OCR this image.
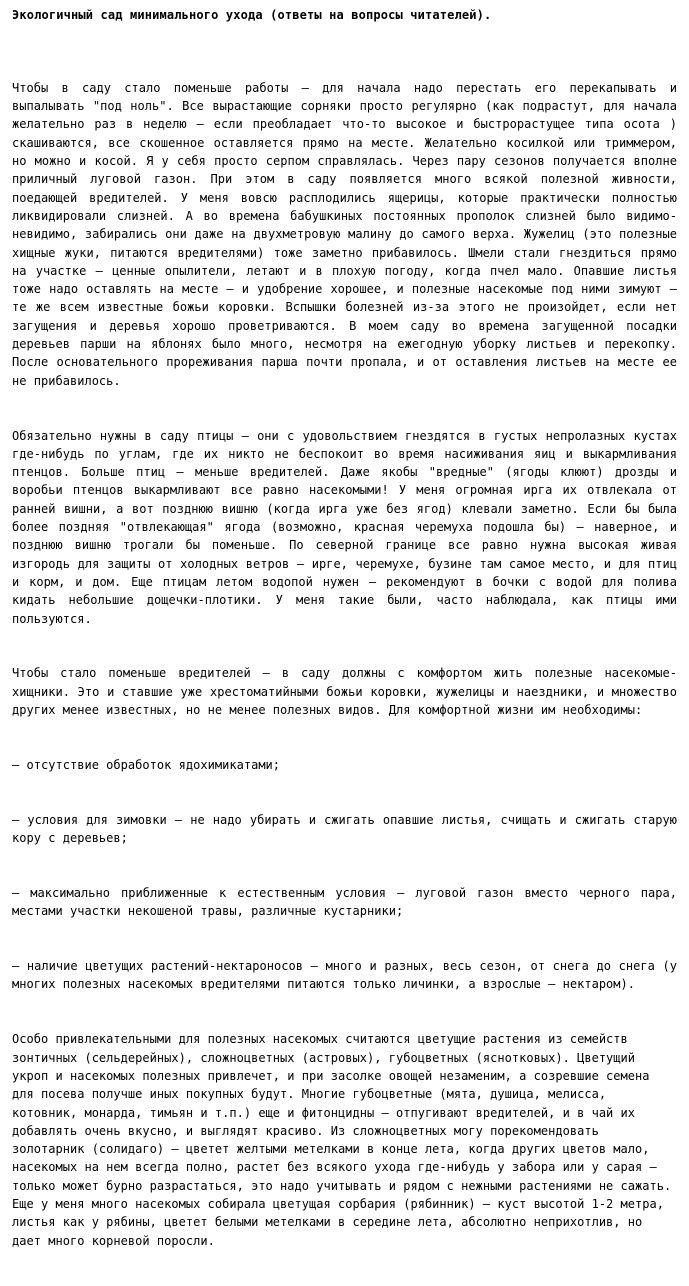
Экологичный сад минимального ухода (ответы на вопросы читателей).

Чтобы в саду стало поменьше работы – для начала надо перестать его перекапывать и выпалывать "под ноль". Все вырастающие сорняки просто регулярно (как подрастут, для начала желательно раз в неделю – если преобладает что-то высокое и быстрорастущее типа осота ) скашиваются, все скошенное оставляется прямо на месте. Желательно косилкой или триммером, но можно и косой. Я у себя просто серпом справлялась. Через пару сезонов получается вполне приличный луговой газон. При этом в саду появляется много всякой полезной живности, поедающей вредителей. У меня вовсю расплодились ящерицы, которые практически полностью ликвидировали слизней. А во времена бабушкиных постоянных прополок слизней было видимо-невидимо, забирались они даже на двухметровую малину до самого верха. Жужелиц (это полезные хищные жуки, питаются вредителями) тоже заметно прибавилось. Шмели стали гнездиться прямо на участке – ценные опылители, летают и в плохую погоду, когда пчел мало. Опавшие листья тоже надо оставлять на месте – и удобрение хорошее, и полезные насекомые под ними зимуют – те же всем известные божьи коровки. Вспышки болезней из-за этого не произойдет, если нет загущения и деревья хорошо проветриваются. В моем саду во времена загущенной посадки деревьев парши на яблонях было много, несмотря на ежегодную уборку листьев и перекопку. После основательного прореживания парша почти пропала, и от оставления листьев на месте ее не прибавилось.

Обязательно нужны в саду птицы – они с удовольствием гнездятся в густых непролазных кустах где-нибудь по углам, где их никто не беспокоит во время насиживания яиц и выкармливания птенцов. Больше птиц – меньше вредителей. Даже якобы "вредные" (ягоды клюют) дрозды и воробьи птенцов выкармливают все равно насекомыми! У меня огромная ирга их отвлекала от ранней вишни, а вот позднюю вишню (когда ирга уже без ягод) клевали заметно. Если бы была более поздняя "отвлекающая" ягода (возможно, красная черемуха подошла бы) – наверное, и позднюю вишню трогали бы поменьше. По северной границе все равно нужна высокая живая изгородь для защиты от холодных ветров – ирге, черемухе, бузине там самое место, и для птиц и корм, и дом. Еще птицам летом водопой нужен – рекомендуют в бочки с водой для полива кидать небольшие дощечки-плотики. У меня такие были, часто наблюдала, как птицы ими пользуются.

Чтобы стало поменьше вредителей – в саду должны с комфортом жить полезные насекомые-хищники. Это и ставшие уже хрестоматийными божьи коровки, жужелицы и наездники, и множество других менее известных, но не менее полезных видов. Для комфортной жизни им необходимы:

– отсутствие обработок ядохимикатами;

– условия для зимовки – не надо убирать и сжигать опавшие листья, счищать и сжигать старую кору с деревьев;

– максимально приближенные к естественным условия – луговой газон вместо черного пара, местами участки некошеной травы, различные кустарники;

– наличие цветущих растений-нектароносов – много и разных, весь сезон, от снега до снега (у многих полезных насекомых вредителями питаются только личинки, а взрослые – нектаром).

Особо привлекательными для полезных насекомых считаются цветущие растения из семейств зонтичных (сельдерейных), сложноцветных (астровых), губоцветных (яснотковых). Цветущий укроп и насекомых полезных привлечет, и при засолке овощей незаменим, а созревшие семена для посева получше иных покупных будут. Многие губоцветные (мята, душица, мелисса, котовник, монарда, тимьян и т.п.) еще и фитонцидны – отпугивают вредителей, и в чай их добавлять очень вкусно, и выглядят красиво. Из сложноцветных могу порекомендовать золотарник (солидаго) – цветет желтыми метелками в конце лета, когда других цветов мало, насекомых на нем всегда полно, растет без всякого ухода где-нибудь у забора или у сарая – только может бурно разрастаться, это надо учитывать и рядом с нежными растениями не сажать. Еще у меня много насекомых собирала цветущая сорбария (рябинник) – куст высотой 1-2 метра, листья как у рябины, цветет белыми метелками в середине лета, абсолютно неприхотлив, но дает много корневой поросли.
